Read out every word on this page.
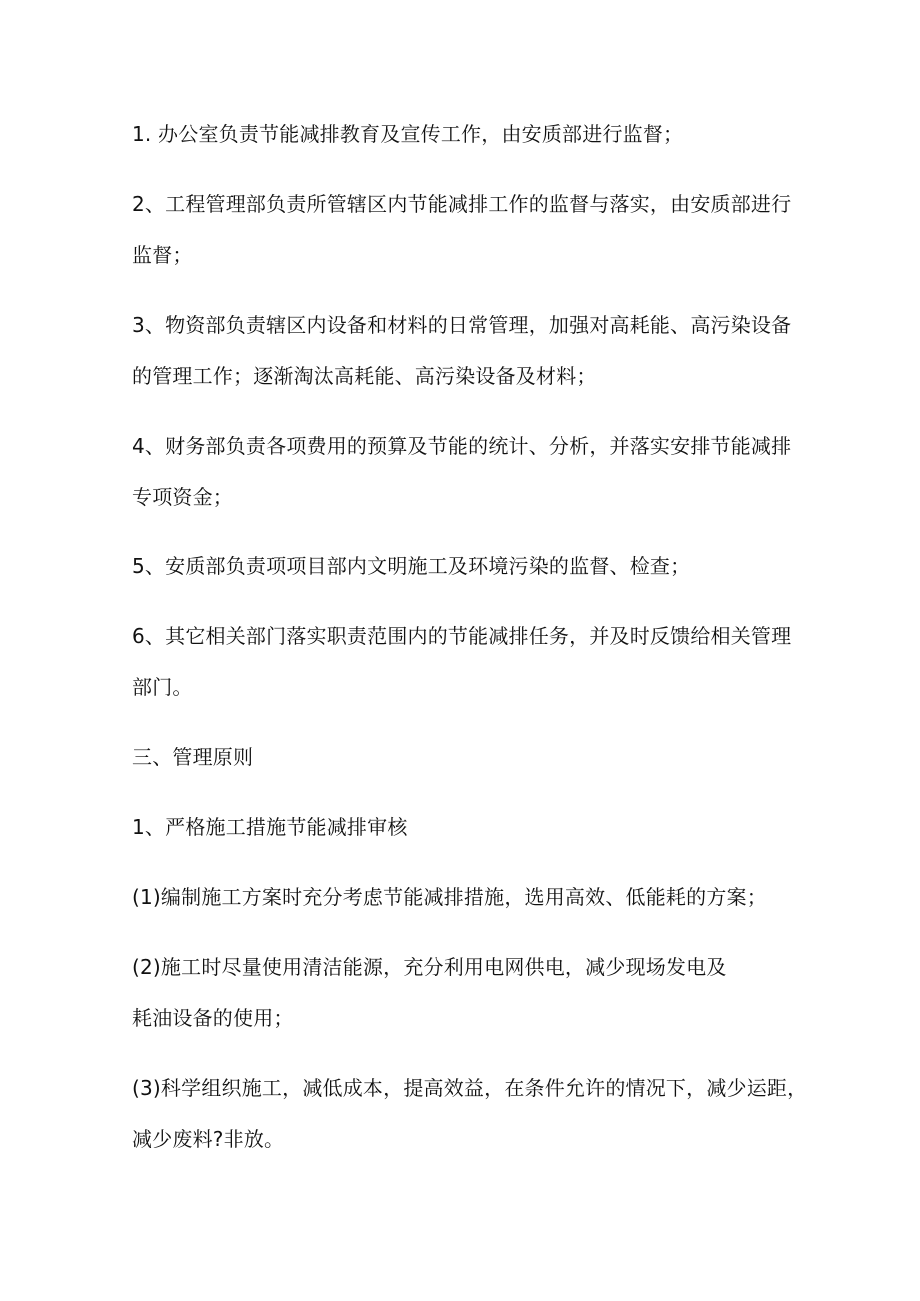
1. 办公室负责节能减排教育及宣传工作，由安质部进行监督；
2、工程管理部负责所管辖区内节能减排工作的监督与落实，由安质部进行
监督；
3、物资部负责辖区内设备和材料的日常管理，加强对高耗能、高污染设备
的管理工作；逐渐淘汰高耗能、高污染设备及材料；
4、财务部负责各项费用的预算及节能的统计、分析，并落实安排节能减排
专项资金；
5、安质部负责项项目部内文明施工及环境污染的监督、检查；
6、其它相关部门落实职责范围内的节能减排任务，并及时反馈给相关管理
部门。
三、管理原则
1、严格施工措施节能减排审核
(1)编制施工方案时充分考虑节能减排措施，选用高效、低能耗的方案；
(2)施工时尽量使用清洁能源，充分利用电网供电，减少现场发电及
耗油设备的使用；
(3)科学组织施工，减低成本，提高效益，在条件允许的情况下，减少运距，
减少废料?非放。
